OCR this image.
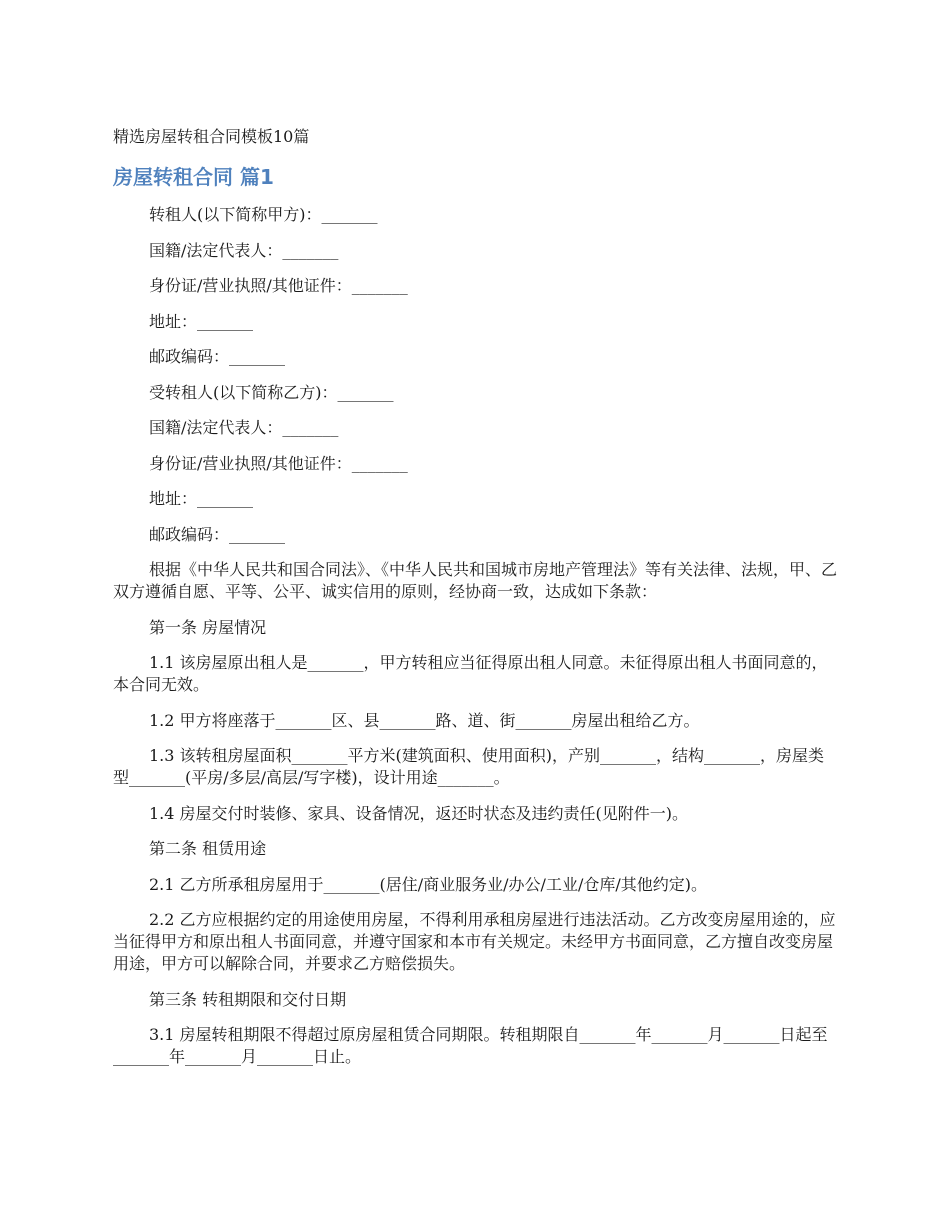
精选房屋转租合同模板10篇
房屋转租合同 篇1

转租人(以下简称甲方)：_______

国籍/法定代表人：_______

身份证/营业执照/其他证件：_______

地址：_______

邮政编码：_______

受转租人(以下简称乙方)：_______

国籍/法定代表人：_______

身份证/营业执照/其他证件：_______

地址：_______

邮政编码：_______

根据《中华人民共和国合同法》、《中华人民共和国城市房地产管理法》等有关法律、法规，甲、乙双方遵循自愿、平等、公平、诚实信用的原则，经协商一致，达成如下条款：

第一条 房屋情况

1.1 该房屋原出租人是_______，甲方转租应当征得原出租人同意。未征得原出租人书面同意的，本合同无效。

1.2 甲方将座落于_______区、县_______路、道、街_______房屋出租给乙方。

1.3 该转租房屋面积_______平方米(建筑面积、使用面积)，产别_______，结构_______，房屋类型_______(平房/多层/高层/写字楼)，设计用途_______。

1.4 房屋交付时装修、家具、设备情况，返还时状态及违约责任(见附件一)。

第二条 租赁用途

2.1 乙方所承租房屋用于_______(居住/商业服务业/办公/工业/仓库/其他约定)。

2.2 乙方应根据约定的用途使用房屋，不得利用承租房屋进行违法活动。乙方改变房屋用途的，应当征得甲方和原出租人书面同意，并遵守国家和本市有关规定。未经甲方书面同意，乙方擅自改变房屋用途，甲方可以解除合同，并要求乙方赔偿损失。

第三条 转租期限和交付日期

3.1 房屋转租期限不得超过原房屋租赁合同期限。转租期限自_______年_______月_______日起至_______年_______月_______日止。
